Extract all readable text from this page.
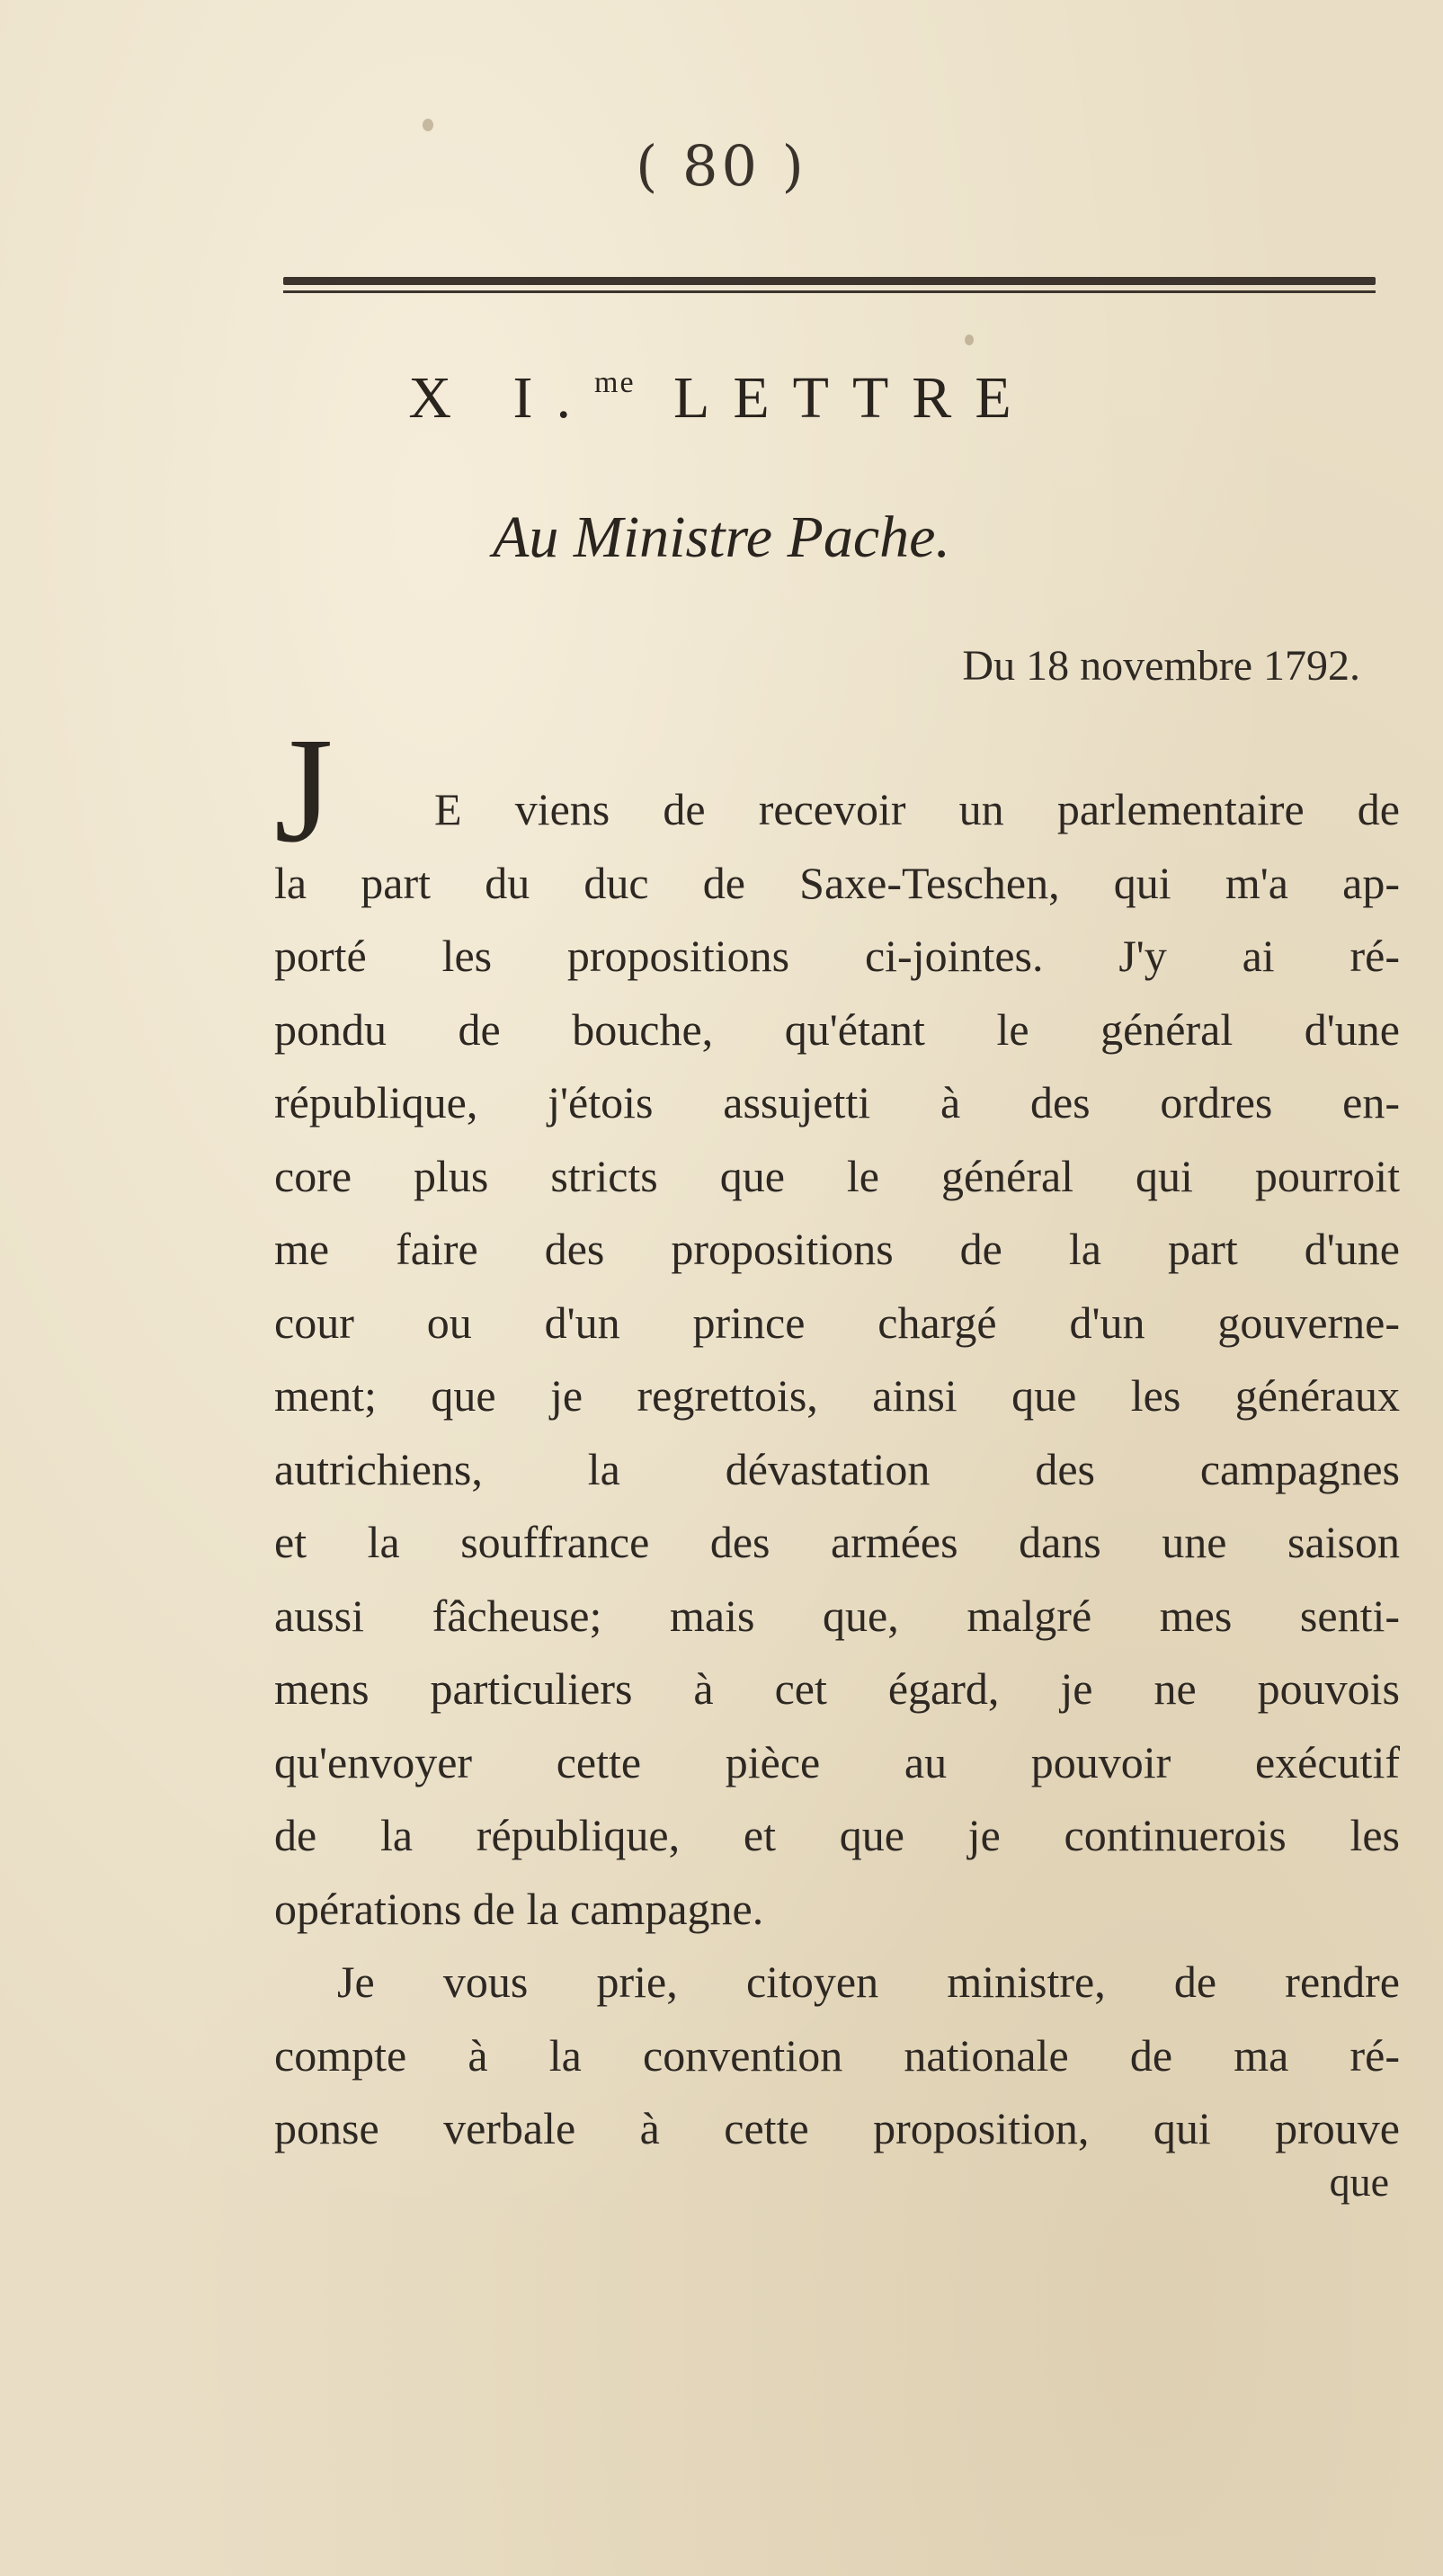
( 80 )
X I.$^{me}$ LETTRE
Au Ministre Pache.
Du 18 novembre 1792.
J	E viens de recevoir un parlementaire de
la part du duc de Saxe-Teschen, qui m'a ap-
porté les propositions ci-jointes. J'y ai ré-
pondu de bouche, qu'étant le général d'une
république, j'étois assujetti à des ordres en-
core plus stricts que le général qui pourroit
me faire des propositions de la part d'une
cour ou d'un prince chargé d'un gouverne-
ment; que je regrettois, ainsi que les généraux
autrichiens, la dévastation des campagnes
et la souffrance des armées dans une saison
aussi fâcheuse; mais que, malgré mes senti-
mens particuliers à cet égard, je ne pouvois
qu'envoyer cette pièce au pouvoir exécutif
de la république, et que je continuerois les
opérations de la campagne.
Je vous prie, citoyen ministre, de rendre
compte à la convention nationale de ma ré-
ponse verbale à cette proposition, qui prouve
que
